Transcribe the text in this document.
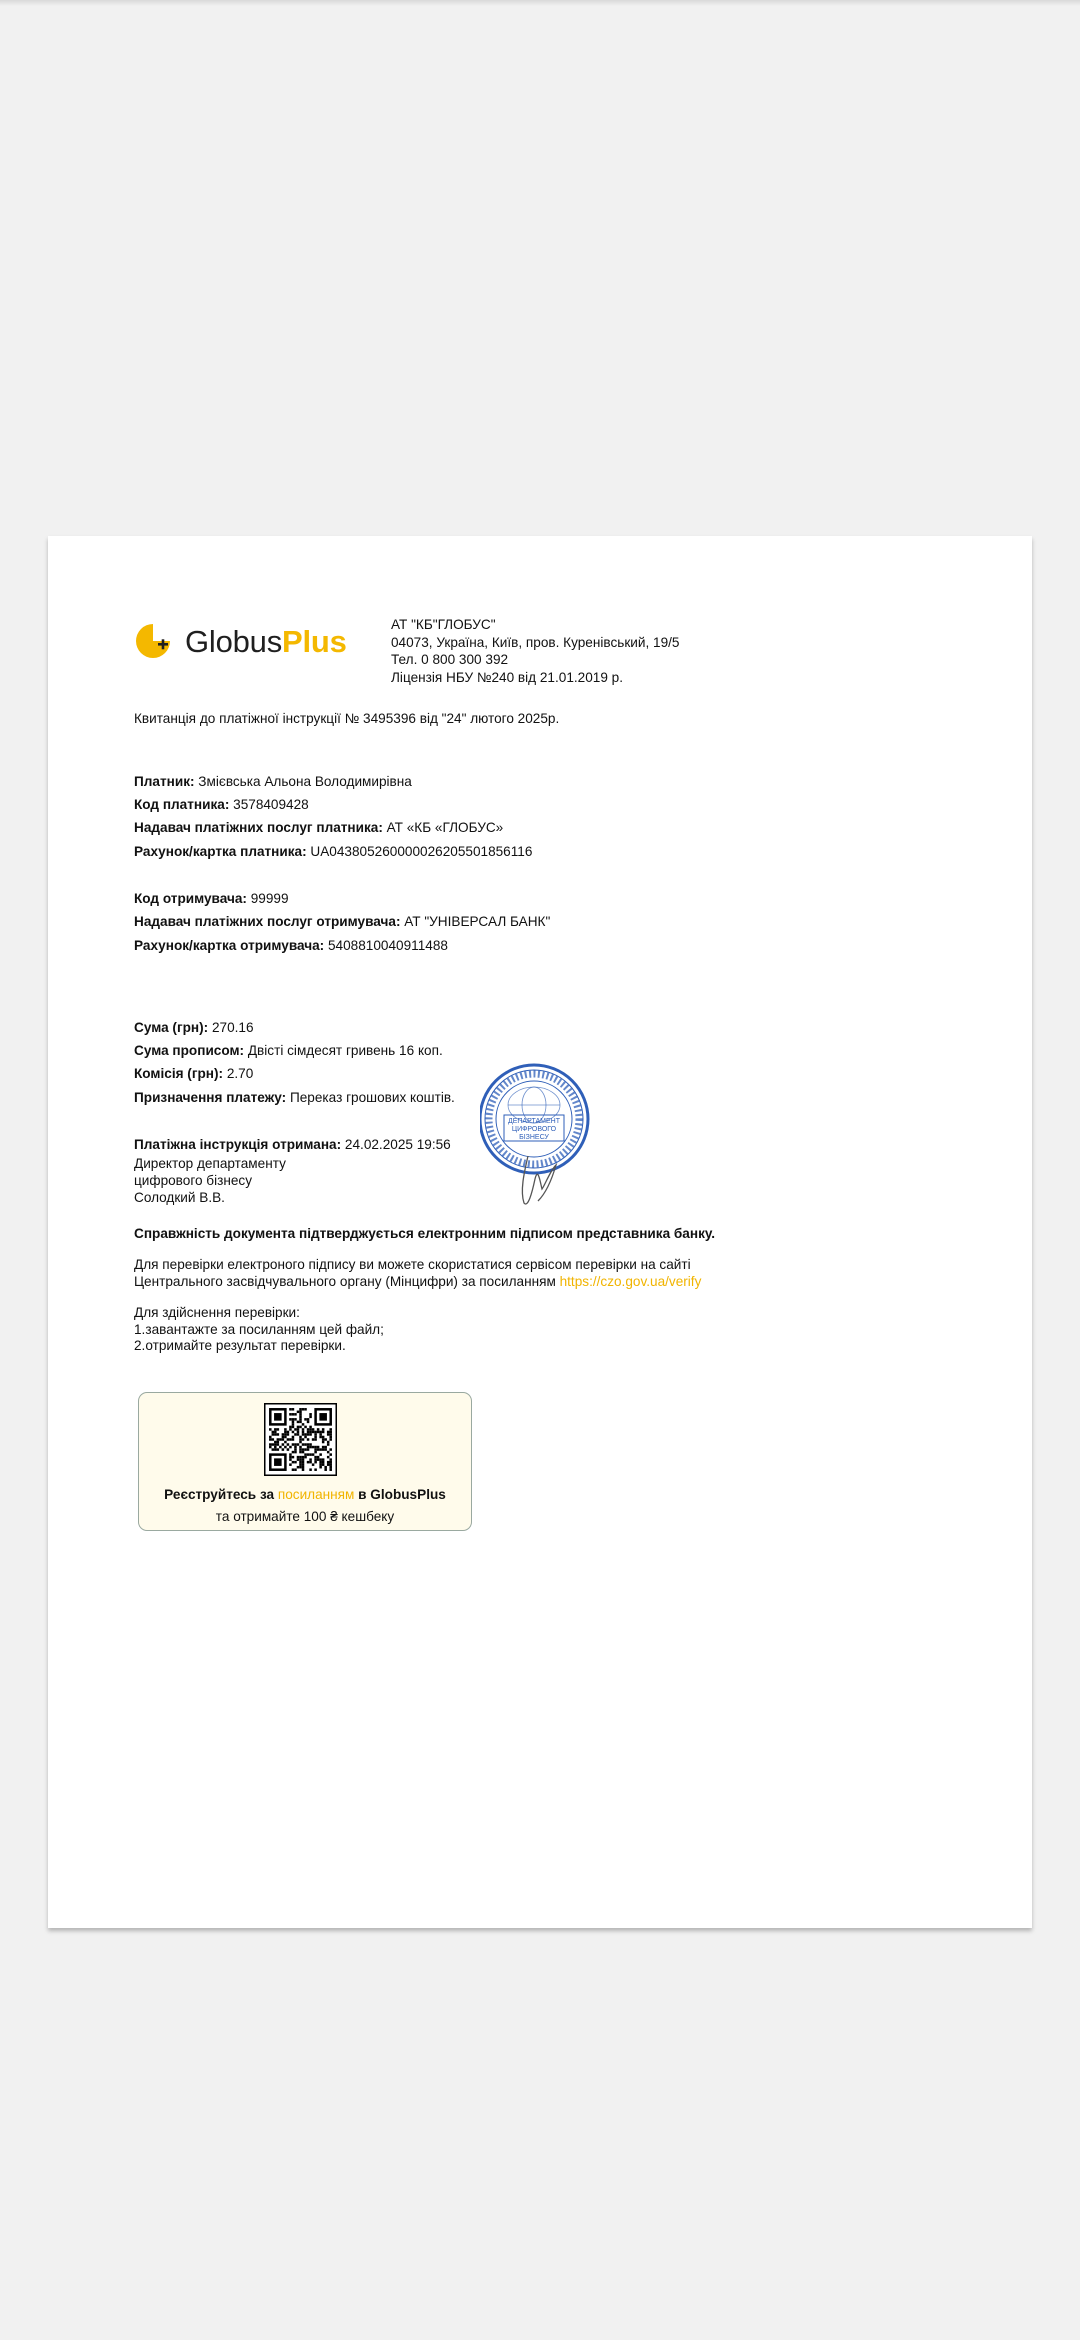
GlobusPlus	АТ "КБ"ГЛОБУС"
04073, Україна, Київ, пров. Куренівський, 19/5
Тел. 0 800 300 392
Ліцензія НБУ №240 від 21.01.2019 р.
Квитанція до платіжної інструкції № 3495396 від "24" лютого 2025р.
Платник: Змієвська Альона Володимирівна
Код платника: 3578409428
Надавач платіжних послуг платника: АТ «КБ «ГЛОБУС»
Рахунок/картка платника: UA043805260000026205501856116
Код отримувача: 99999
Надавач платіжних послуг отримувача: АТ "УНІВЕРСАЛ БАНК"
Рахунок/картка отримувача: 5408810040911488
Сума (грн): 270.16
Сума прописом: Двісті сімдесят гривень 16 коп.
Комісія (грн): 2.70
Призначення платежу: Переказ грошових коштів.
Платіжна інструкція отримана: 24.02.2025 19:56
Директор департаменту
цифрового бізнесу
Солодкий В.В.
ДЕПАРТАМЕНТ
ЦИФРОВОГО
БІЗНЕСУ
Справжність документа підтверджується електронним підписом представника банку.
Для перевірки електроного підпису ви можете скористатися сервісом перевірки на сайті
Центрального засвідчувального органу (Мінцифри) за посиланням https://czo.gov.ua/verify
Для здійснення перевірки:
1.завантажте за посиланням цей файл;
2.отримайте результат перевірки.
Реєструйтесь за посиланням в GlobusPlus
та отримайте 100 ₴ кешбеку
